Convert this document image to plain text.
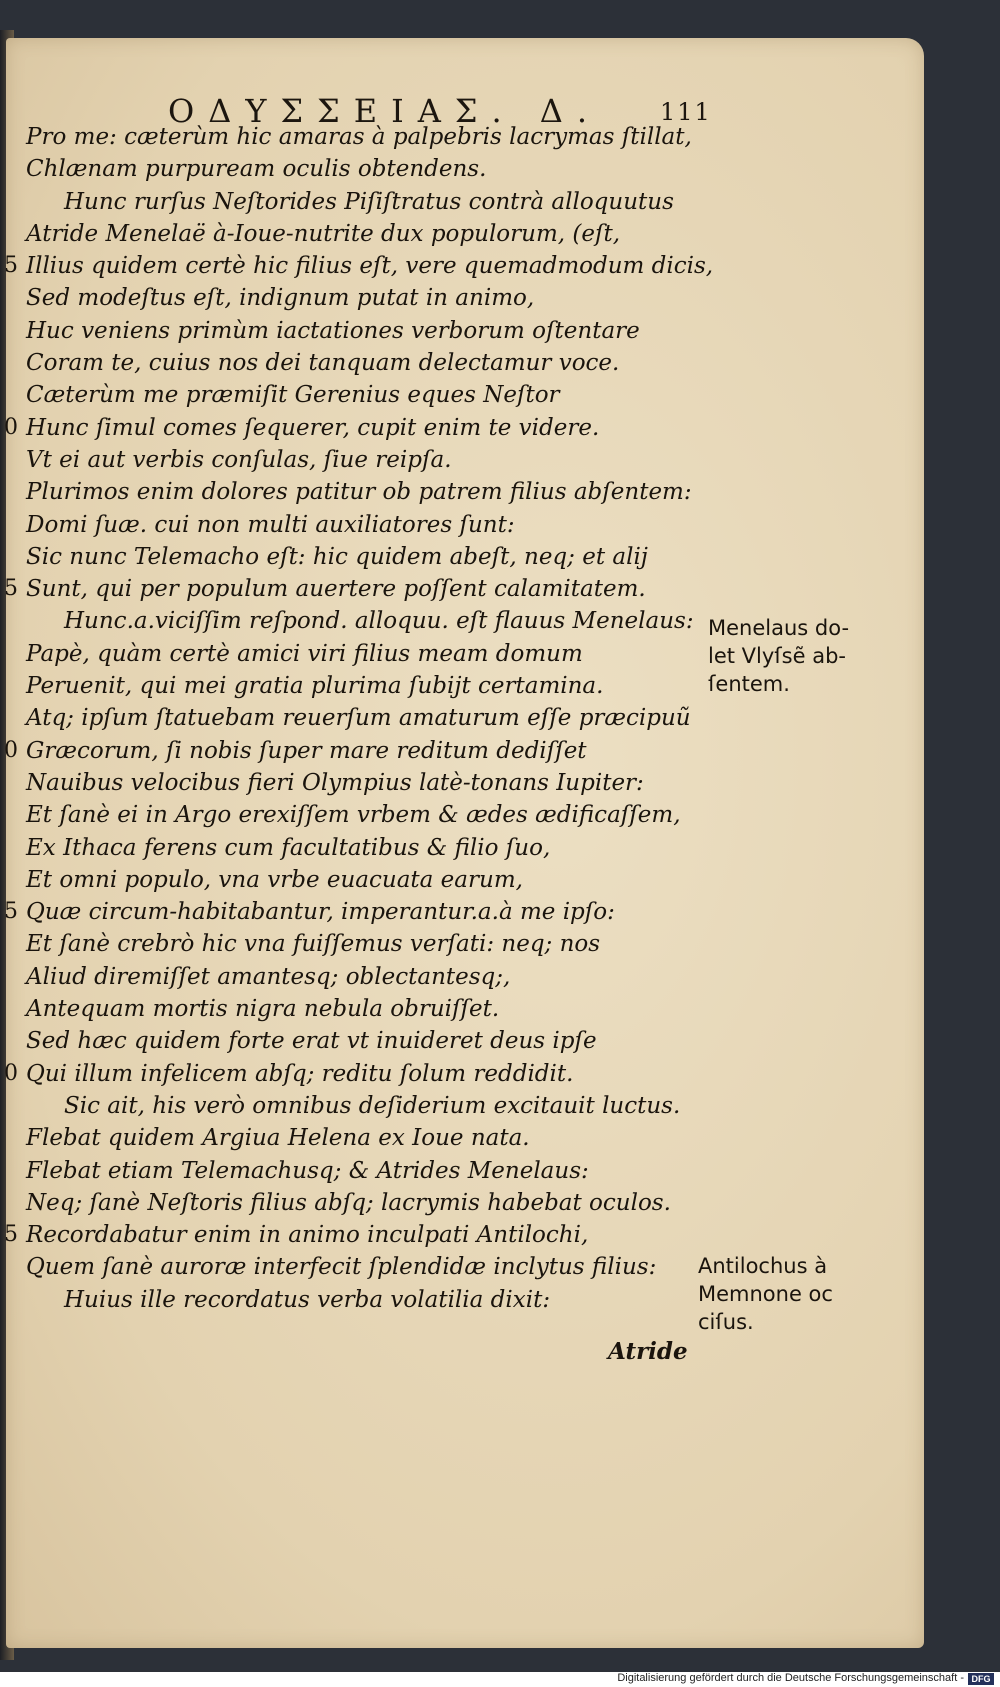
ΟΔΥΣΣΕΙΑΣ. Δ.	111
Pro me: cæterùm hic amaras à palpebris lacrymas ſtillat,
Chlænam purpuream oculis obtendens.
Hunc rurſus Neſtorides Piſiſtratus contrà alloquutus
Atride Menelaë à-Ioue-nutrite dux populorum, (eſt,
5 Illius quidem certè hic filius eſt, vere quemadmodum dicis,
Sed modeſtus eſt, indignum putat in animo,
Huc veniens primùm iactationes verborum oſtentare
Coram te, cuius nos dei tanquam delectamur voce.
Cæterùm me præmiſit Gerenius eques Neſtor
0 Hunc ſimul comes ſequerer, cupit enim te videre.
Vt ei aut verbis conſulas, ſiue reipſa.
Plurimos enim dolores patitur ob patrem filius abſentem:
Domi ſuæ. cui non multi auxiliatores ſunt:
Sic nunc Telemacho eſt: hic quidem abeſt, neq; et alij
5 Sunt, qui per populum auertere poſſent calamitatem.
Hunc.a.viciſſim reſpond. alloquu. eſt flauus Menelaus:
Papè, quàm certè amici viri filius meam domum
Peruenit, qui mei gratia plurima ſubijt certamina.
Atq; ipſum ſtatuebam reuerſum amaturum eſſe præcipuũ
0 Græcorum, ſi nobis ſuper mare reditum dediſſet
Nauibus velocibus fieri Olympius latè-tonans Iupiter:
Et ſanè ei in Argo erexiſſem vrbem & ædes ædificaſſem,
Ex Ithaca ferens cum facultatibus & filio ſuo,
Et omni populo, vna vrbe euacuata earum,
5 Quæ circum-habitabantur, imperantur.a.à me ipſo:
Et ſanè crebrò hic vna fuiſſemus verſati: neq; nos
Aliud diremiſſet amantesq; oblectantesq;,
Antequam mortis nigra nebula obruiſſet.
Sed hæc quidem forte erat vt inuideret deus ipſe
0 Qui illum infelicem abſq; reditu ſolum reddidit.
Sic ait, his verò omnibus deſiderium excitauit luctus.
Flebat quidem Argiua Helena ex Ioue nata.
Flebat etiam Telemachusq; & Atrides Menelaus:
Neq; ſanè Neſtoris filius abſq; lacrymis habebat oculos.
5 Recordabatur enim in animo inculpati Antilochi,
Quem ſanè auroræ interfecit ſplendidæ inclytus filius:
Huius ille recordatus verba volatilia dixit:
Atride
Menelaus do-
let Vlyſsẽ ab-
ſentem.
Antilochus à
Memnone oc
ciſus.
Digitalisierung gefördert durch die Deutsche Forschungsgemeinschaft - DFG
